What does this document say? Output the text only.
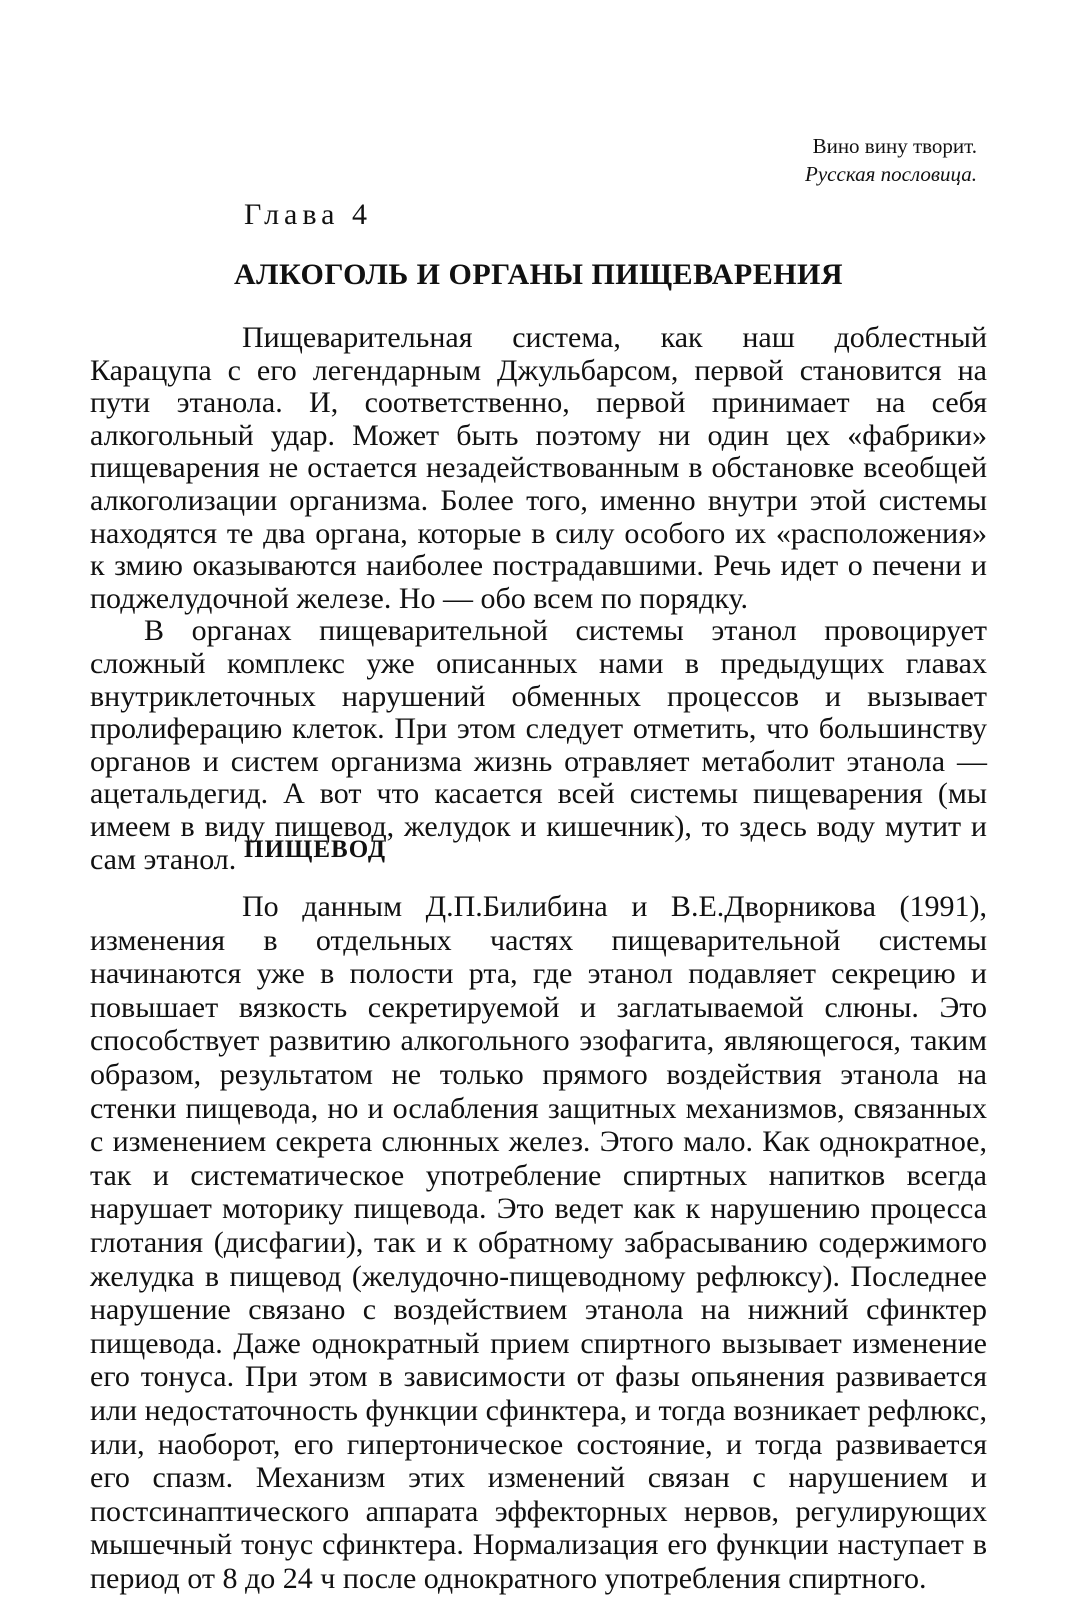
Вино вину творит.
Русская пословица.
Глава 4
АЛКОГОЛЬ И ОРГАНЫ ПИЩЕВАРЕНИЯ

Пищеварительная система, как наш доблестный Карацупа с его легендарным Джульбарсом, первой становится на пути этанола. И, соответственно, первой принимает на себя алкогольный удар. Может быть поэтому ни один цех «фабрики» пищеварения не остается незадействованным в обстановке всеобщей алкоголизации организма. Более того, именно внутри этой системы находятся те два органа, которые в силу особого их «расположения» к змию оказываются наиболее пострадавшими. Речь идет о печени и поджелудочной железе. Но — обо всем по порядку.

В органах пищеварительной системы этанол провоцирует сложный комплекс уже описанных нами в предыдущих главах внутриклеточных нарушений обменных процессов и вызывает пролиферацию клеток. При этом следует отметить, что большинству органов и систем организма жизнь отравляет метаболит этанола — ацетальдегид. А вот что касается всей системы пищеварения (мы имеем в виду пищевод, желудок и кишечник), то здесь воду мутит и сам этанол. ПИЩЕВОД

По данным Д.П.Билибина и В.Е.Дворникова (1991), изменения в отдельных частях пищеварительной системы начинаются уже в полости рта, где этанол подавляет секрецию и повышает вязкость секретируемой и заглатываемой слюны. Это способствует развитию алкогольного эзофагита, являющегося, таким образом, результатом не только прямого воздействия этанола на стенки пищевода, но и ослабления защитных механизмов, связанных с изменением секрета слюнных желез. Этого мало. Как однократное, так и систематическое употребление спиртных напитков всегда нарушает моторику пищевода. Это ведет как к нарушению процесса глотания (дисфагии), так и к обратному забрасыванию содержимого желудка в пищевод (желудочно-пищеводному рефлюксу). Последнее нарушение связано с воздействием этанола на нижний сфинктер пищевода. Даже однократный прием спиртного вызывает изменение его тонуса. При этом в зависимости от фазы опьянения развивается или недостаточность функции сфинктера, и тогда возникает рефлюкс, или, наоборот, его гипертоническое состояние, и тогда развивается его спазм. Механизм этих изменений связан с нарушением и постсинаптического аппарата эффекторных нервов, регулирующих мышечный тонус сфинктера. Нормализация его функции наступает в период от 8 до 24 ч после однократного употребления спиртного.
